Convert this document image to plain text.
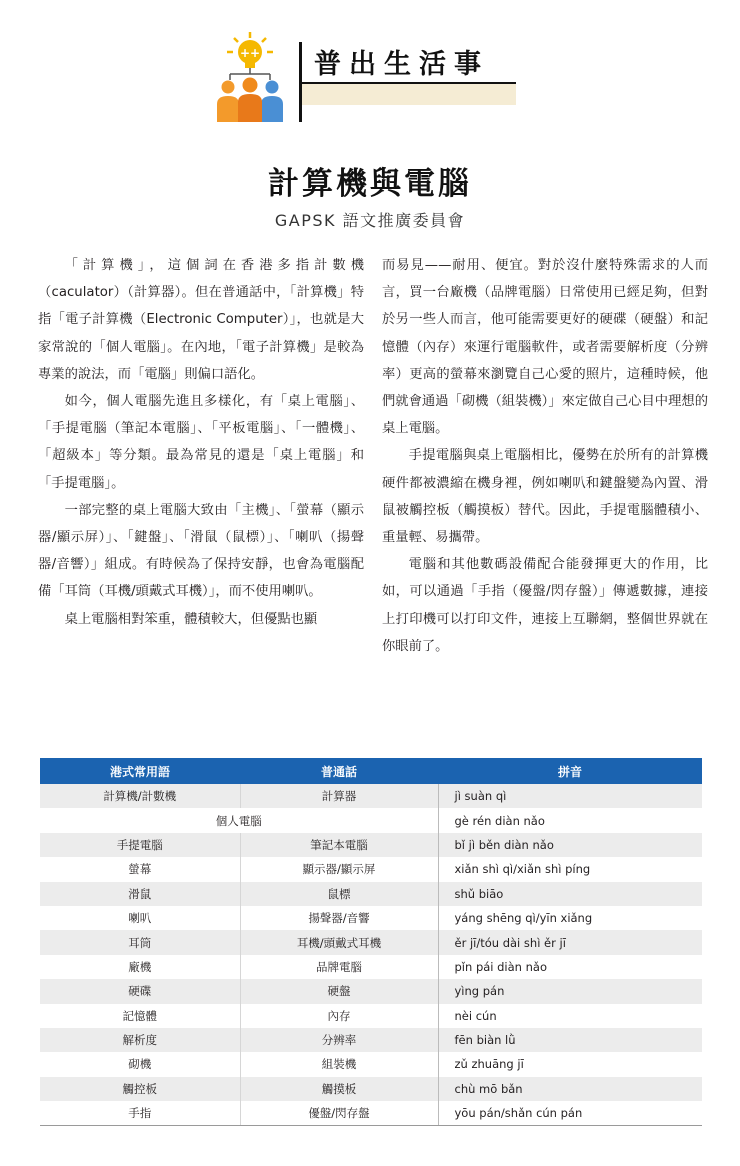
++ 普出生活事
計算機與電腦
GAPSK 語文推廣委員會

「計算機」，這個詞在香港多指計數機（caculator）（計算器）。但在普通話中，「計算機」特指「電子計算機（Electronic Computer）」，也就是大家常說的「個人電腦」。在內地，「電子計算機」是較為專業的說法，而「電腦」則偏口語化。

如今，個人電腦先進且多樣化，有「桌上電腦」、「手提電腦（筆記本電腦」、「平板電腦」、「一體機」、「超級本」等分類。最為常見的還是「桌上電腦」和「手提電腦」。

一部完整的桌上電腦大致由「主機」、「螢幕（顯示器/顯示屏）」、「鍵盤」、「滑鼠（鼠標）」、「喇叭（揚聲器/音響）」組成。有時候為了保持安靜，也會為電腦配備「耳筒（耳機/頭戴式耳機）」，而不使用喇叭。

桌上電腦相對笨重，體積較大，但優點也顯

而易見——耐用、便宜。對於沒什麼特殊需求的人而言，買一台廠機（品牌電腦）日常使用已經足夠，但對於另一些人而言，他可能需要更好的硬碟（硬盤）和記憶體（內存）來運行電腦軟件，或者需要解析度（分辨率）更高的螢幕來瀏覽自己心愛的照片，這種時候，他們就會通過「砌機（組裝機）」來定做自己心目中理想的桌上電腦。

手提電腦與桌上電腦相比，優勢在於所有的計算機硬件都被濃縮在機身裡，例如喇叭和鍵盤變為內置、滑鼠被觸控板（觸摸板）替代。因此，手提電腦體積小、重量輕、易攜帶。

電腦和其他數碼設備配合能發揮更大的作用，比如，可以通過「手指（優盤/閃存盤）」傳遞數據，連接上打印機可以打印文件，連接上互聯網，整個世界就在你眼前了。

港式常用語	普通話	拼音
計算機/計數機	計算器	jì suàn qì
個人電腦		gè rén diàn nǎo
手提電腦	筆記本電腦	bǐ jì běn diàn nǎo
螢幕	顯示器/顯示屏	xiǎn shì qì/xiǎn shì píng
滑鼠	鼠標	shǔ biāo
喇叭	揚聲器/音響	yáng shēng qì/yīn xiǎng
耳筒	耳機/頭戴式耳機	ěr jī/tóu dài shì ěr jī
廠機	品牌電腦	pǐn pái diàn nǎo
硬碟	硬盤	yìng pán
記憶體	內存	nèi cún
解析度	分辨率	fēn biàn lǜ
砌機	組裝機	zǔ zhuāng jī
觸控板	觸摸板	chù mō bǎn
手指	優盤/閃存盤	yōu pán/shǎn cún pán
